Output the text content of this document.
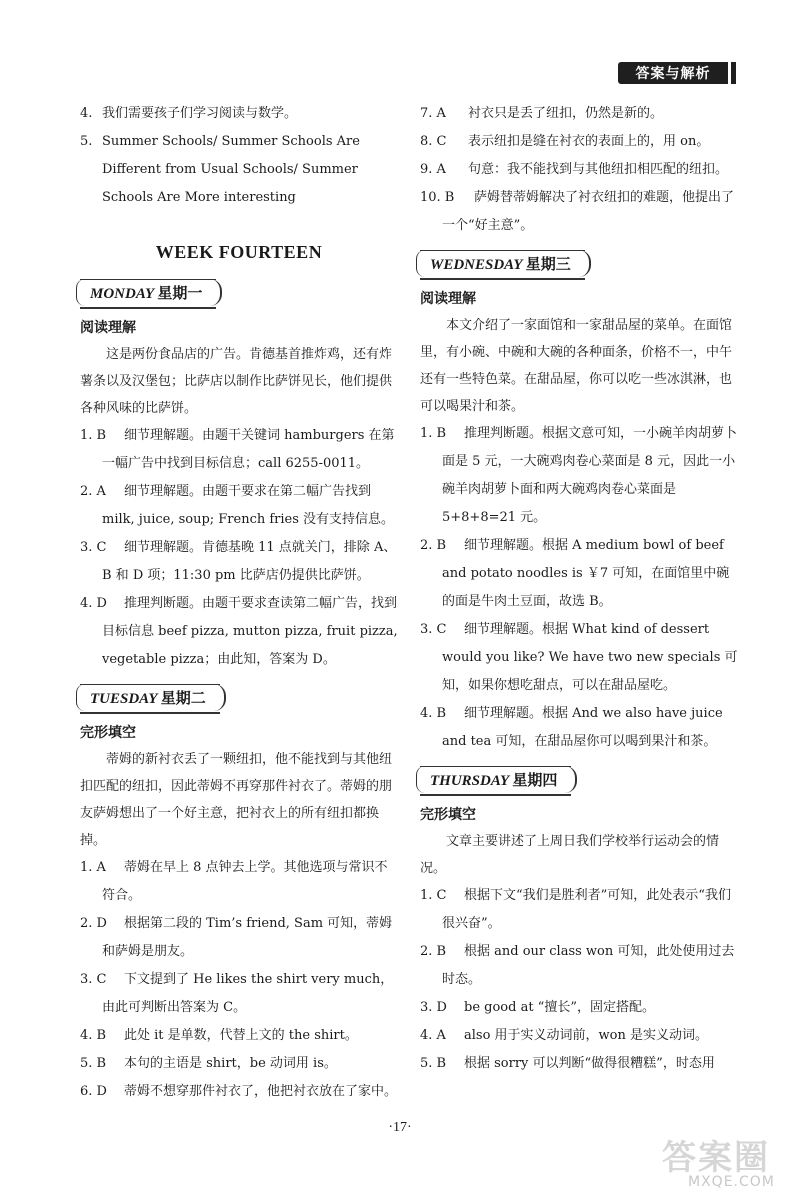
答案与解析

4. 我们需要孩子们学习阅读与数学。

5. Summer Schools/ Summer Schools Are Different from Usual Schools/ Summer Schools Are More interesting

WEEK FOURTEEN
MONDAY 星期一

阅读理解

这是两份食品店的广告。肯德基首推炸鸡，还有炸薯条以及汉堡包；比萨店以制作比萨饼见长，他们提供各种风味的比萨饼。

1. B 细节理解题。由题干关键词 hamburgers 在第一幅广告中找到目标信息；call 6255-0011。

2. A 细节理解题。由题干要求在第二幅广告找到 milk, juice, soup; French fries 没有支持信息。

3. C 细节理解题。肯德基晚 11 点就关门，排除 A、B 和 D 项；11:30 pm 比萨店仍提供比萨饼。

4. D 推理判断题。由题干要求查读第二幅广告，找到目标信息 beef pizza, mutton pizza, fruit pizza, vegetable pizza；由此知，答案为 D。

TUESDAY 星期二

完形填空

蒂姆的新衬衣丢了一颗纽扣，他不能找到与其他纽扣匹配的纽扣，因此蒂姆不再穿那件衬衣了。蒂姆的朋友萨姆想出了一个好主意，把衬衣上的所有纽扣都换掉。

1. A 蒂姆在早上 8 点钟去上学。其他选项与常识不符合。

2. D 根据第二段的 Tim’s friend, Sam 可知，蒂姆和萨姆是朋友。

3. C 下文提到了 He likes the shirt very much，由此可判断出答案为 C。

4. B 此处 it 是单数，代替上文的 the shirt。

5. B 本句的主语是 shirt，be 动词用 is。

6. D 蒂姆不想穿那件衬衣了，他把衬衣放在了家中。

7. A 衬衣只是丢了纽扣，仍然是新的。

8. C 表示纽扣是缝在衬衣的表面上的，用 on。

9. A 句意：我不能找到与其他纽扣相匹配的纽扣。

10. B 萨姆替蒂姆解决了衬衣纽扣的难题，他提出了一个“好主意”。

WEDNESDAY 星期三

阅读理解

本文介绍了一家面馆和一家甜品屋的菜单。在面馆里，有小碗、中碗和大碗的各种面条，价格不一，中午还有一些特色菜。在甜品屋，你可以吃一些冰淇淋，也可以喝果汁和茶。

1. B 推理判断题。根据文意可知，一小碗羊肉胡萝卜面是 5 元，一大碗鸡肉卷心菜面是 8 元，因此一小碗羊肉胡萝卜面和两大碗鸡肉卷心菜面是 5+8+8=21 元。

2. B 细节理解题。根据 A medium bowl of beef and potato noodles is ￥7 可知，在面馆里中碗的面是牛肉土豆面，故选 B。

3. C 细节理解题。根据 What kind of dessert would you like? We have two new specials 可知，如果你想吃甜点，可以在甜品屋吃。

4. B 细节理解题。根据 And we also have juice and tea 可知，在甜品屋你可以喝到果汁和茶。

THURSDAY 星期四

完形填空

文章主要讲述了上周日我们学校举行运动会的情况。

1. C 根据下文“我们是胜利者”可知，此处表示“我们很兴奋”。

2. B 根据 and our class won 可知，此处使用过去时态。

3. D be good at “擅长”，固定搭配。

4. A also 用于实义动词前，won 是实义动词。

5. B 根据 sorry 可以判断“做得很糟糕”，时态用

·17·
答案圈
MXQE.COM
